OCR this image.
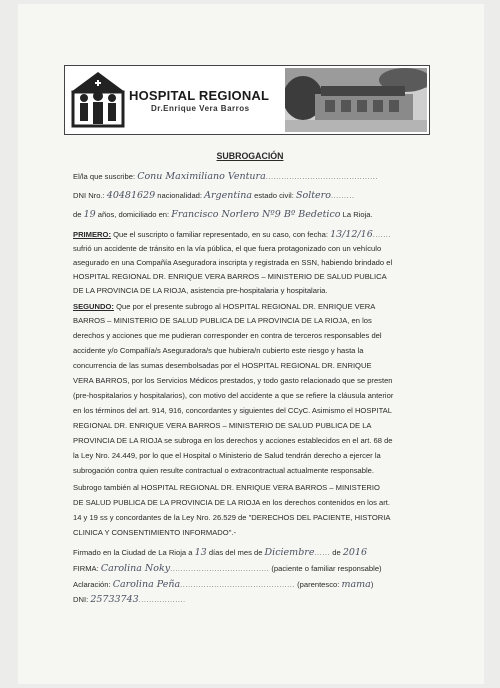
HOSPITAL REGIONAL
Dr.Enrique Vera Barros
SUBROGACIÓN
El/la que suscribe: Conu Maximiliano Ventura...........................................
DNI Nro.: 40481629 nacionalidad: Argentina estado civil: Soltero.........
de 19 años, domiciliado en: Francisco Norlero Nº9 Bº Bedetico La Rioja.
PRIMERO: Que el suscripto o familiar representado, en su caso, con fecha: 13/12/16.......
sufrió un accidente de tránsito en la vía pública, el que fuera protagonizado con un vehículo
asegurado en una Compañía Aseguradora inscripta y registrada en SSN, habiendo brindado el
HOSPITAL REGIONAL DR. ENRIQUE VERA BARROS – MINISTERIO DE SALUD PUBLICA
DE LA PROVINCIA DE LA RIOJA, asistencia pre-hospitalaria y hospitalaria.
SEGUNDO: Que por el presente subrogo al HOSPITAL REGIONAL DR. ENRIQUE VERA
BARROS – MINISTERIO DE SALUD PUBLICA DE LA PROVINCIA DE LA RIOJA, en los
derechos y acciones que me pudieran corresponder en contra de terceros responsables del
accidente y/o Compañía/s Aseguradora/s que hubiera/n cubierto este riesgo y hasta la
concurrencia de las sumas desembolsadas por el HOSPITAL REGIONAL DR. ENRIQUE
VERA BARROS, por los Servicios Médicos prestados, y todo gasto relacionado que se presten
(pre-hospitalarios y hospitalarios), con motivo del accidente a que se refiere la cláusula anterior
en los términos del art. 914, 916, concordantes y siguientes del CCyC. Asimismo el HOSPITAL
REGIONAL DR. ENRIQUE VERA BARROS – MINISTERIO DE SALUD PUBLICA DE LA
PROVINCIA DE LA RIOJA se subroga en los derechos y acciones establecidos en el art. 68 de
la Ley Nro. 24.449, por lo que el Hospital o Ministerio de Salud tendrán derecho a ejercer la
subrogación contra quien resulte contractual o extracontractual actualmente responsable.
Subrogo también al HOSPITAL REGIONAL DR. ENRIQUE VERA BARROS – MINISTERIO
DE SALUD PUBLICA DE LA PROVINCIA DE LA RIOJA en los derechos contenidos en los art.
14 y 19 ss y concordantes de la Ley Nro. 26.529 de "DERECHOS DEL PACIENTE, HISTORIA
CLINICA Y CONSENTIMIENTO INFORMADO".-
Firmado en la Ciudad de La Rioja a 13 días del mes de Diciembre...... de 2016
FIRMA: Carolina Noky...................................... (paciente o familiar responsable)
Aclaración: Carolina Peña............................................ (parentesco: mama)
DNI: 25733743..................
